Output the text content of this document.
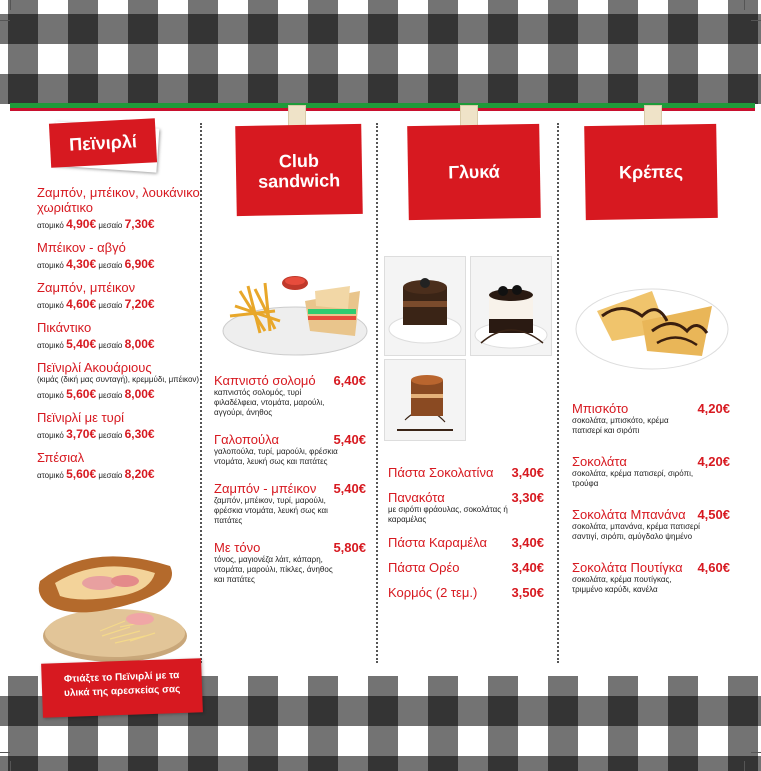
Πεϊνιρλί
Ζαμπόν, μπέικον, λουκάνικο χωριάτικο
ατομικό 4,90€ μεσαίο 7,30€
Μπέικον - αβγό
ατομικό 4,30€ μεσαίο 6,90€
Ζαμπόν, μπέικον
ατομικό 4,60€ μεσαίο 7,20€
Πικάντικο
ατομικό 5,40€ μεσαίο 8,00€
Πεϊνιρλί Ακουάριους
(κιμάς (δική μας συνταγή), κρεμμύδι, μπέικον)
ατομικό 5,60€ μεσαίο 8,00€
Πεϊνιρλί με τυρί
ατομικό 3,70€ μεσαίο 6,30€
Σπέσιαλ
ατομικό 5,60€ μεσαίο 8,20€
Φτιάξτε το Πεϊνιρλί με τα
υλικά της αρεσκείας σας
Club
sandwich
Καπνιστό σολομό 6,40€
καπνιστός σολομός, τυρί φιλαδέλφεια, ντομάτα, μαρούλι, αγγούρι, άνηθος
Γαλοπούλα	5,40€
γαλοπούλα, τυρί, μαρούλι, φρέσκια ντομάτα, λευκή σως και πατάτες
Ζαμπόν - μπέικον 5,40€
ζαμπόν, μπέικον, τυρί, μαρούλι, φρέσκια ντομάτα, λευκή σως και πατάτες
Με τόνο	5,80€
τόνος, μαγιονέζα λάιτ, κάπαρη, ντομάτα, μαρούλι, πίκλες, άνηθος και πατάτες
Γλυκά
Πάστα Σοκολατίνα 3,40€
Πανακότα	3,30€
με σιρόπι φράουλας, σοκολάτας ή καραμέλας
Πάστα Καραμέλα 3,40€
Πάστα Ορέο	3,40€
Κορμός (2 τεμ.)	3,50€
Κρέπες
Μπισκότο	4,20€
σοκολάτα, μπισκότο, κρέμα πατισερί και σιρόπι
Σοκολάτα	4,20€
σοκολάτα, κρέμα πατισερί, σιρόπι, τρούφα
Σοκολάτα Μπανάνα 4,50€
σοκολάτα, μπανάνα, κρέμα πατισερί σαντιγί, σιρόπι, αμύγδαλο ψημένο
Σοκολάτα Πουτίγκα 4,60€
σοκολάτα, κρέμα πουτίγκας, τριμμένο καρύδι, κανέλα
